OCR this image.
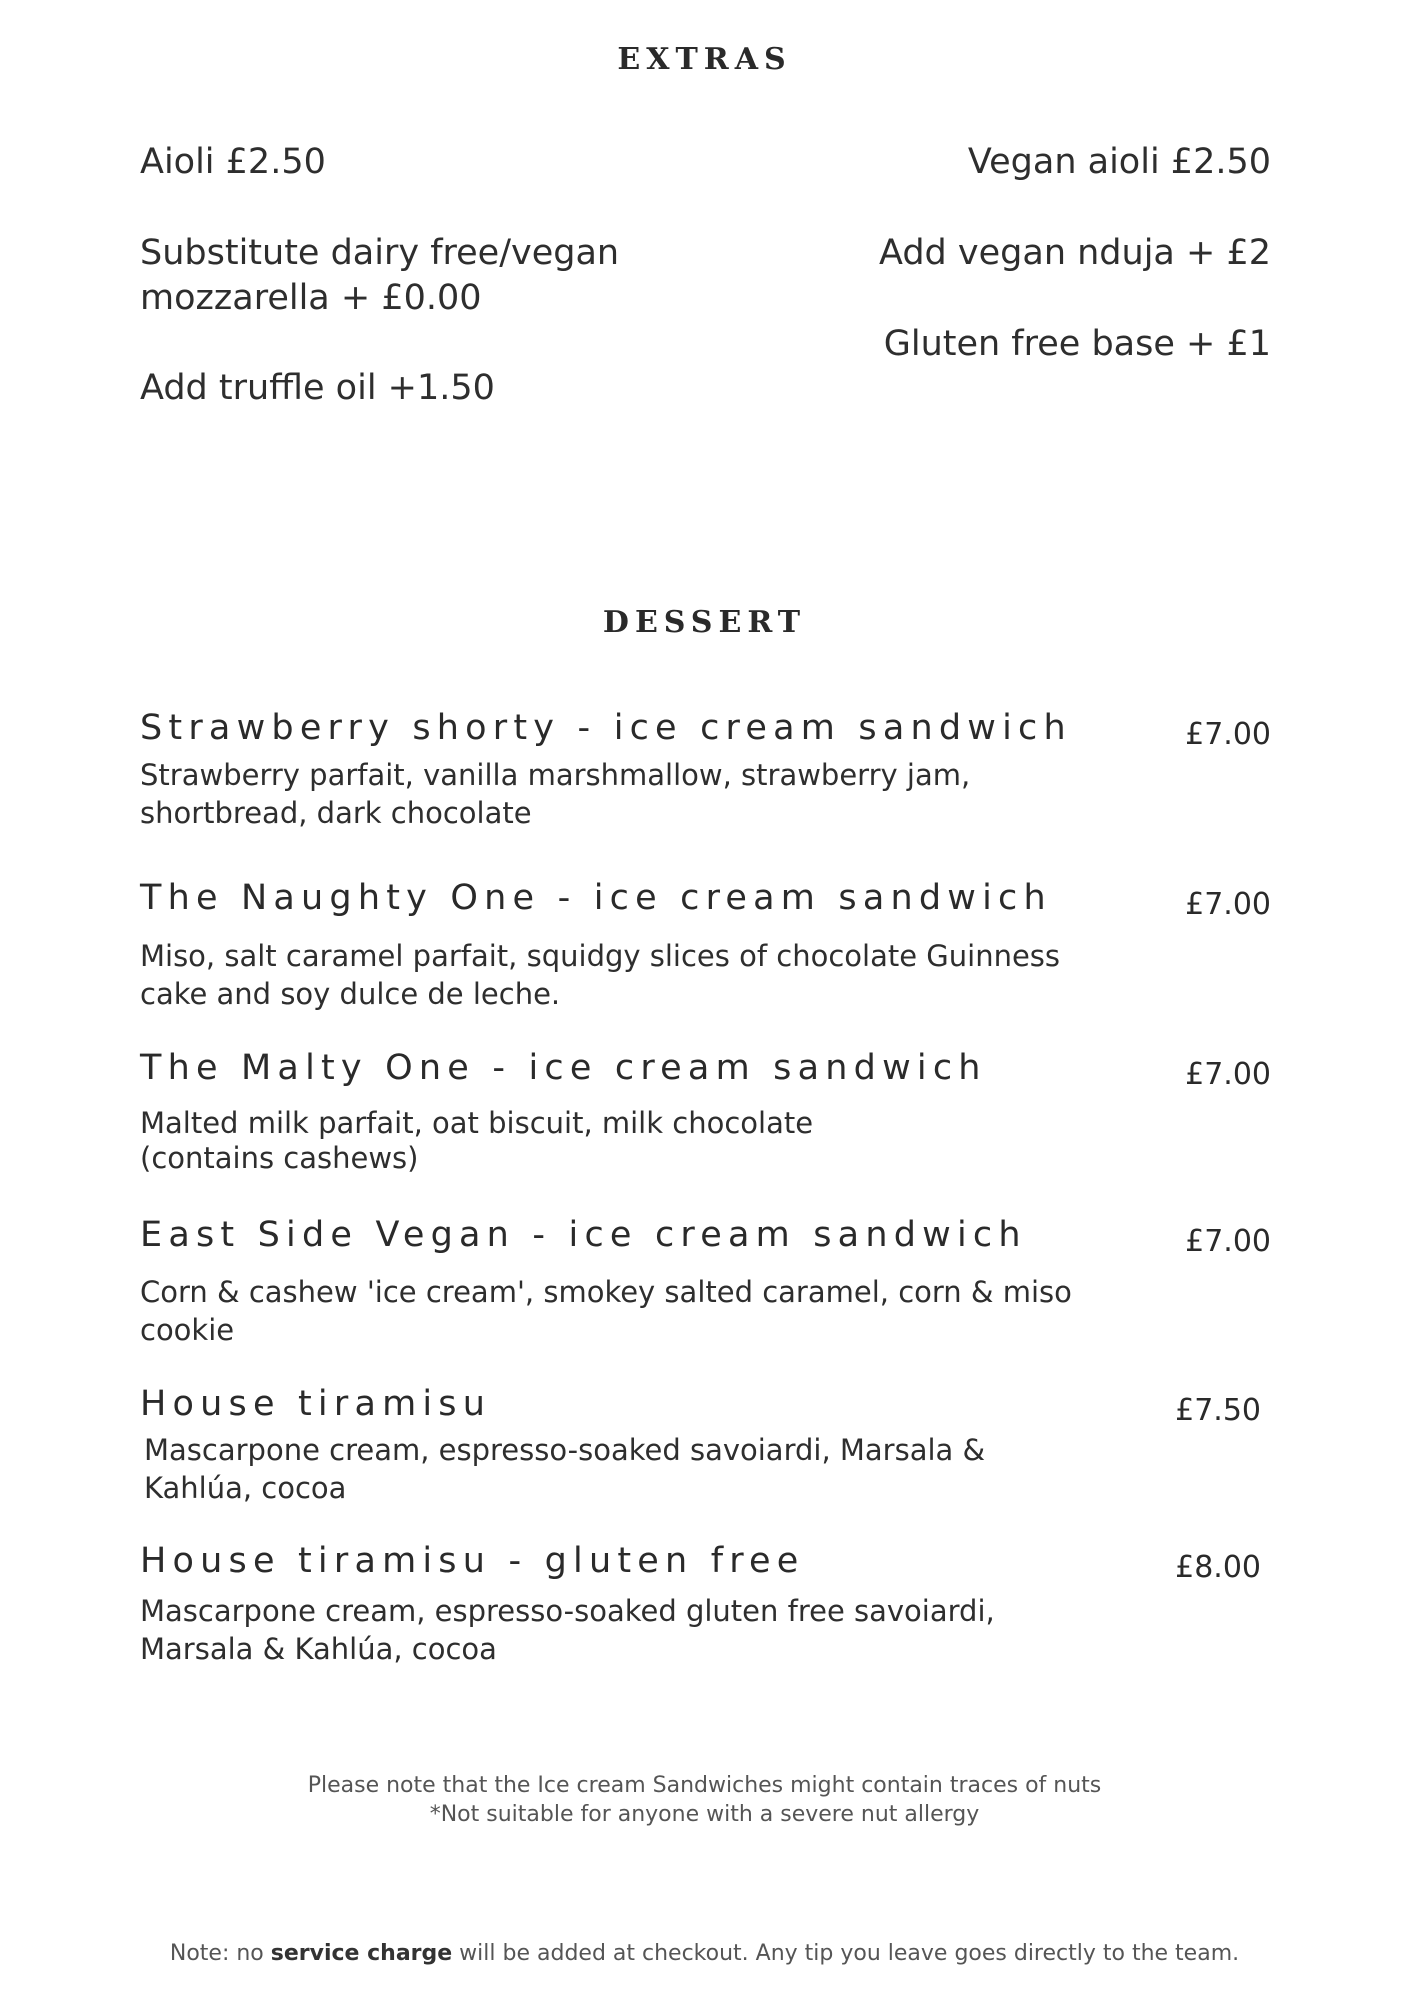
EXTRAS
Aioli £2.50
Substitute dairy free/vegan mozzarella + £0.00
Add truffle oil +1.50
Vegan aioli £2.50
Add vegan nduja + £2
Gluten free base + £1
DESSERT
Strawberry shorty - ice cream sandwich	£7.00
Strawberry parfait, vanilla marshmallow, strawberry jam, shortbread, dark chocolate
The Naughty One - ice cream sandwich	£7.00
Miso, salt caramel parfait, squidgy slices of chocolate Guinness cake and soy dulce de leche.
The Malty One - ice cream sandwich	£7.00
Malted milk parfait, oat biscuit, milk chocolate (contains cashews)
East Side Vegan - ice cream sandwich	£7.00
Corn & cashew 'ice cream', smokey salted caramel, corn & miso cookie
House tiramisu	£7.50
Mascarpone cream, espresso-soaked savoiardi, Marsala & Kahlúa, cocoa
House tiramisu - gluten free	£8.00
Mascarpone cream, espresso-soaked gluten free savoiardi, Marsala & Kahlúa, cocoa
Please note that the Ice cream Sandwiches might contain traces of nuts
*Not suitable for anyone with a severe nut allergy
Note: no service charge will be added at checkout. Any tip you leave goes directly to the team.
